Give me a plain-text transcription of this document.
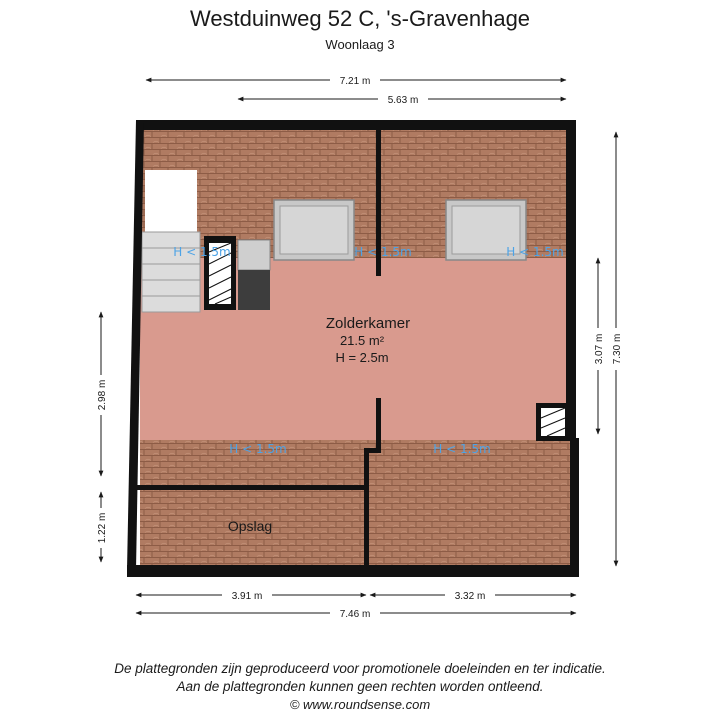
Westduinweg 52 C, 's-Gravenhage
Woonlaag 3
H < 1.5m	H < 1.5m	H < 1.5m
H < 1.5m	H < 1.5m
Zolderkamer
21.5 m²
H = 2.5m
Opslag
7.21 m
5.63 m
2.98 m
1.22 m
3.07 m 7.30 m
3.91 m	3.32 m
7.46 m
De plattegronden zijn geproduceerd voor promotionele doeleinden en ter indicatie.
Aan de plattegronden kunnen geen rechten worden ontleend.
© www.roundsense.com
